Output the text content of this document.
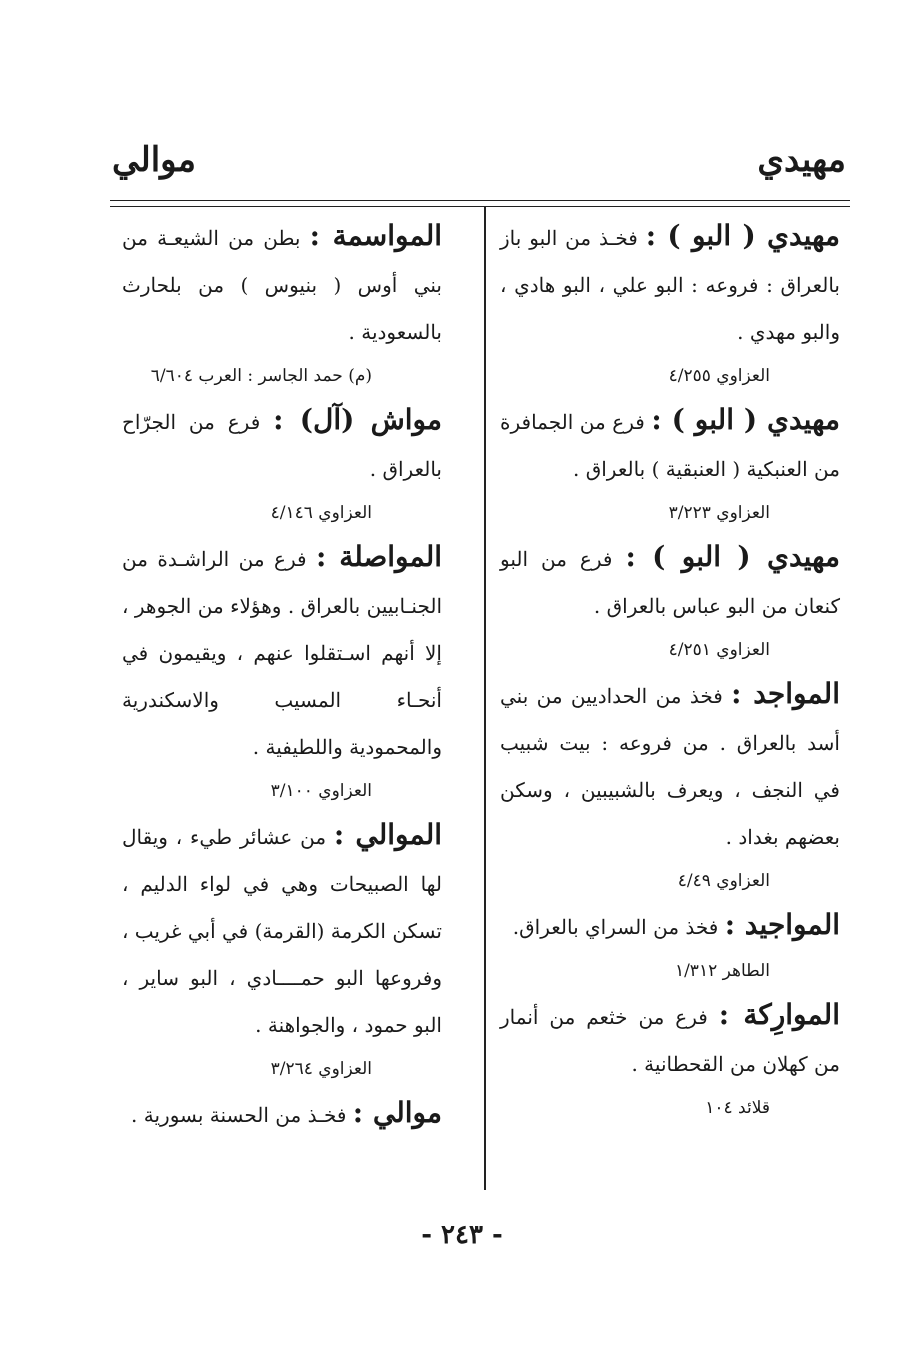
مهيدي
موالي

مهيدي ( البو ) : فخـذ من البو باز بالعراق : فروعه : البو علي ، البو هادي ، والبو مهدي .

العزاوي ٤/٢٥٥

مهيدي ( البو ) : فرع من الجمافرة من العنبكية ( العنبقية ) بالعراق .

العزاوي ٣/٢٢٣

مهيدي ( البو ) : فرع من البو كنعان من البو عباس بالعراق .

العزاوي ٤/٢٥١

المواجد : فخذ من الحداديين من بني أسد بالعراق . من فروعه : بيت شبيب في النجف ، ويعرف بالشبيبين ، وسكن بعضهم بغداد .

العزاوي ٤/٤٩

المواجيد : فخذ من السراي بالعراق.

الطاهر ١/٣١٢

الموارِكة : فرع من خثعم من أنمار من كهلان من القحطانية .

قلائد ١٠٤

المواسمة : بطن من الشيعـة من بني أوس ( بنيوس ) من بلحارث بالسعودية .

(م) حمد الجاسر : العرب ٦/٦٠٤

مواش (آل) : فرع من الجرّاح بالعراق .

العزاوي ٤/١٤٦

المواصلة : فرع من الراشـدة من الجنـابيين بالعراق . وهؤلاء من الجوهر ، إلا أنهم اسـتقلوا عنهم ، ويقيمون في أنحـاء المسيب والاسكندرية والمحمودية واللطيفية .

العزاوي ٣/١٠٠

الموالي : من عشائر طيء ، ويقال لها الصبيحات وهي في لواء الدليم ، تسكن الكرمة (القرمة) في أبي غريب ، وفروعها البو حمــــادي ، البو ساير ، البو حمود ، والجواهنة .

العزاوي ٣/٢٦٤

موالي : فخـذ من الحسنة بسورية .

- ٢٤٣ -
